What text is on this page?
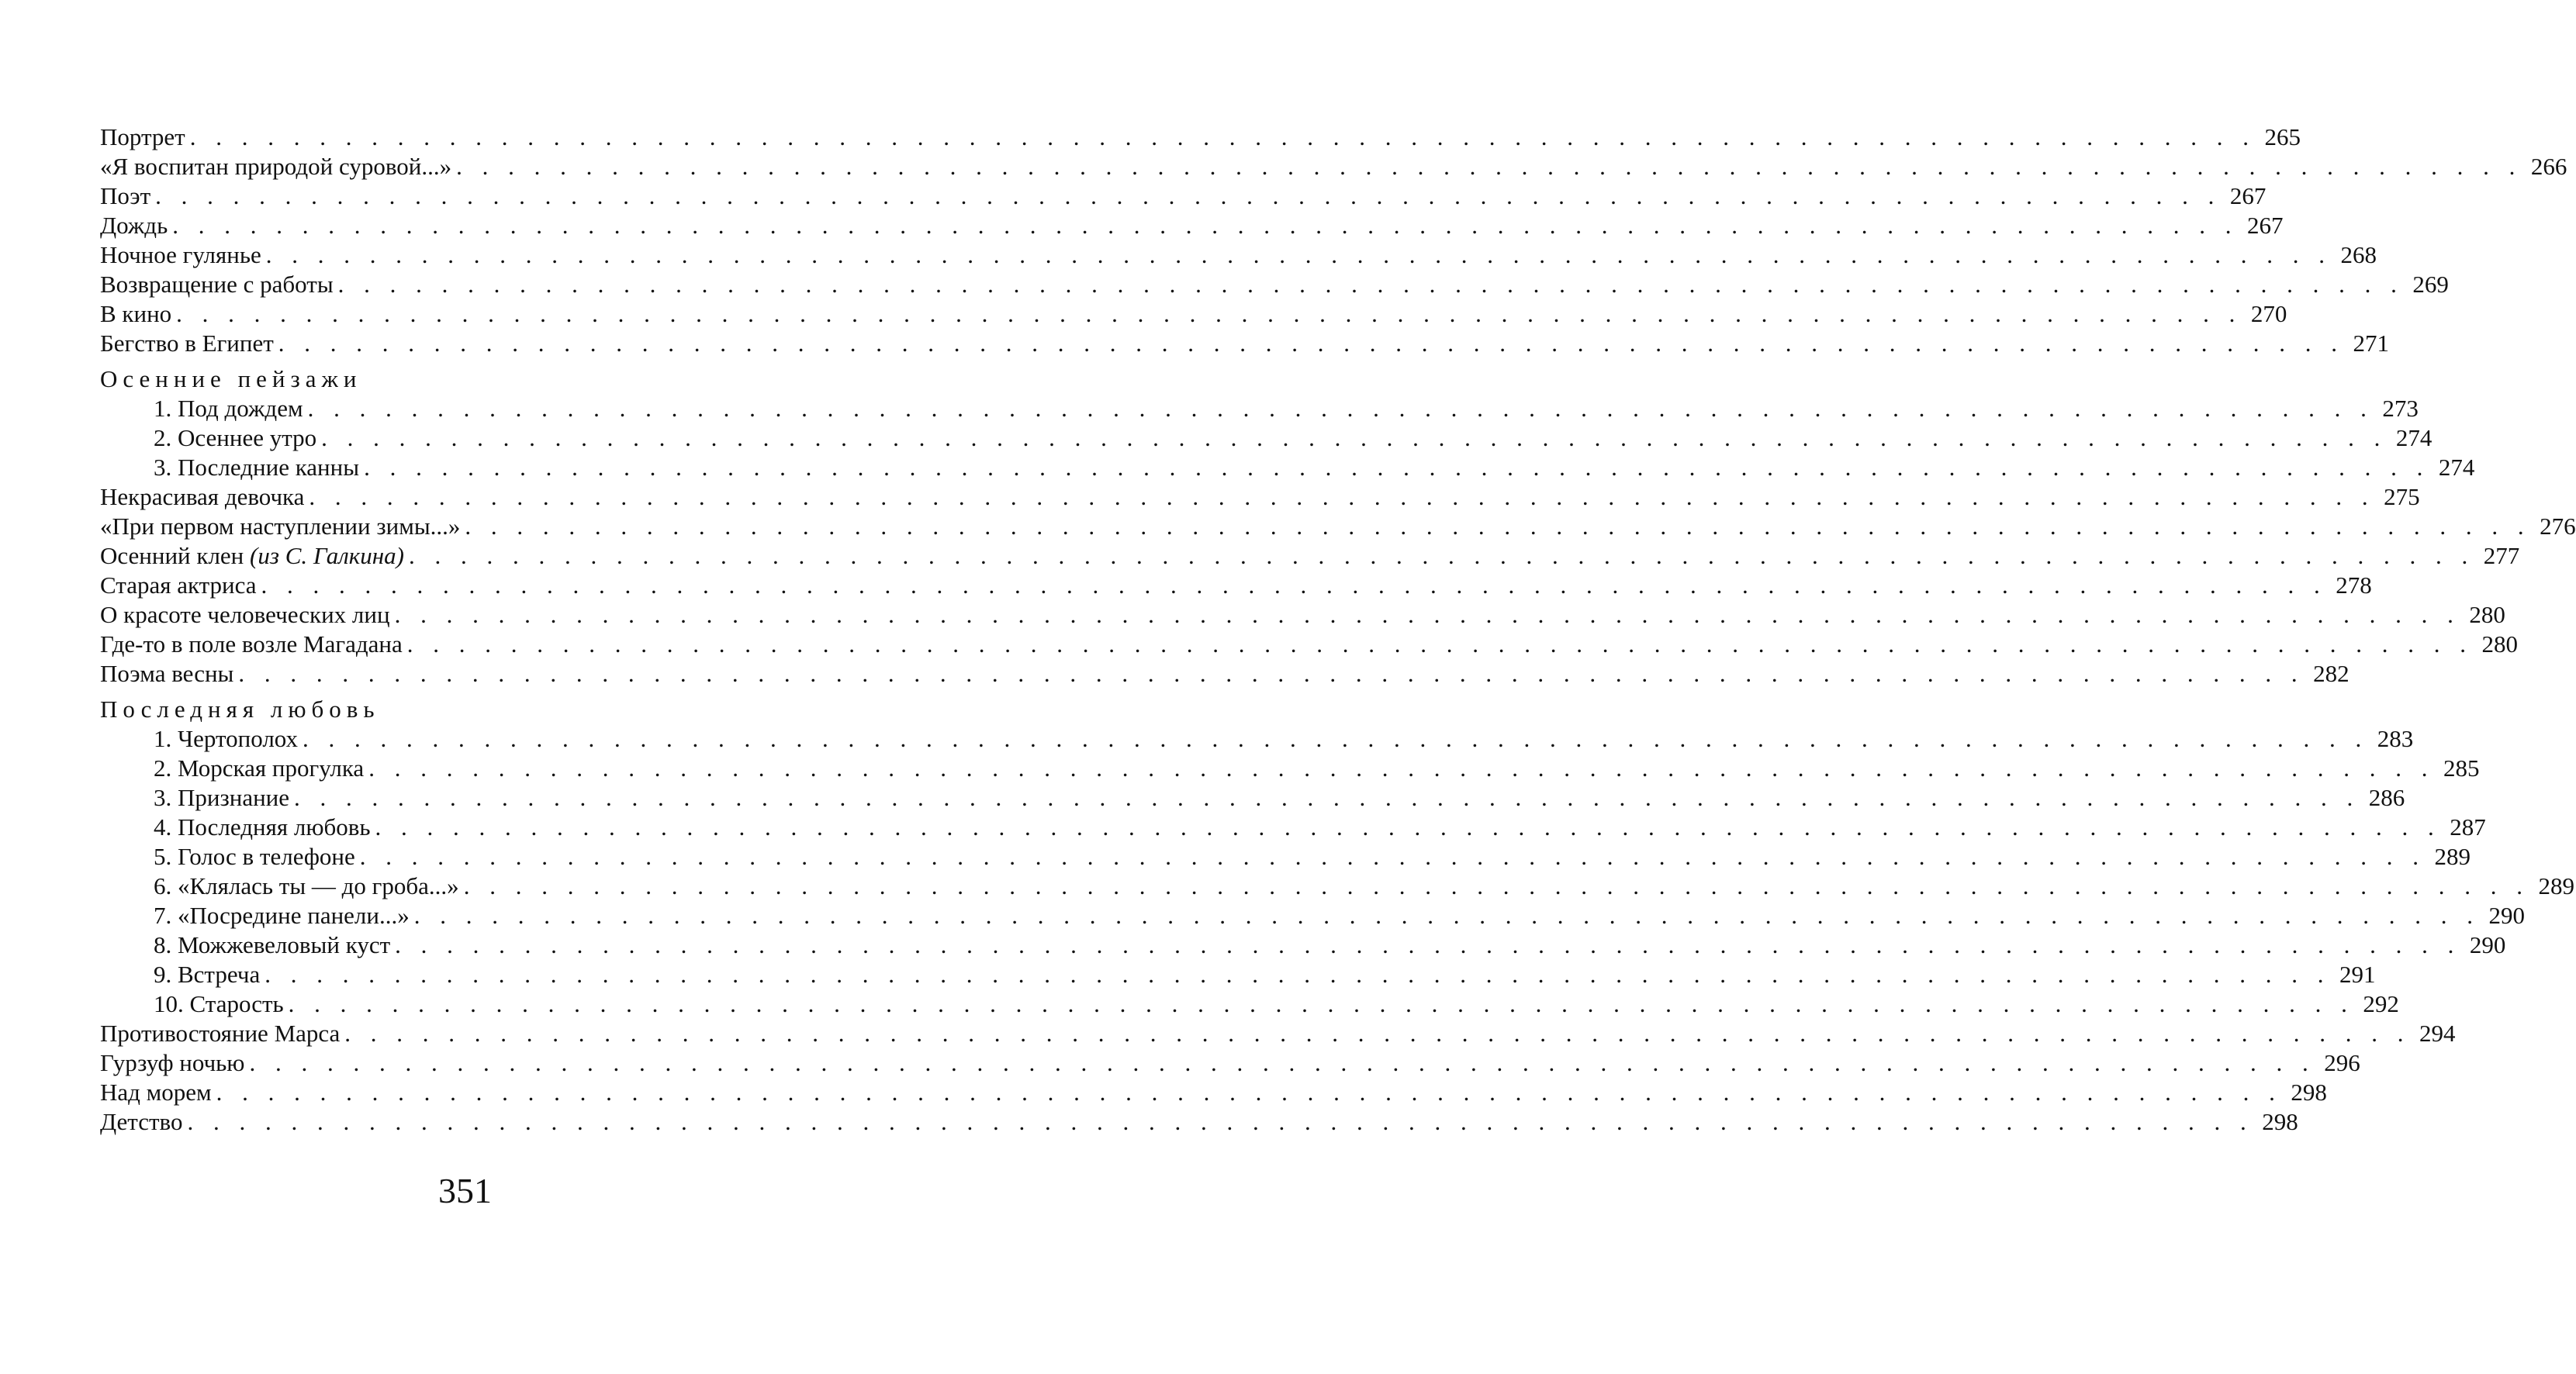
Портрет . . . . . . . . . . . . . . . . . . . . . . . . . . . . . . . . . . . . . . . . . . . . . . . . . . . . . . . . . . . . . . . . . . . . . . . . . . . . . . . . 265
«Я воспитан природой суровой...» . . . . . . . . . . . . . . . . . . . . . . . . . . . . . . . . . . . . . . . . . . . . . . . . . . . . . . . . . . . . . . . . . . . . . . . . . . . . . . . . 266
Поэт . . . . . . . . . . . . . . . . . . . . . . . . . . . . . . . . . . . . . . . . . . . . . . . . . . . . . . . . . . . . . . . . . . . . . . . . . . . . . . . . 267
Дождь . . . . . . . . . . . . . . . . . . . . . . . . . . . . . . . . . . . . . . . . . . . . . . . . . . . . . . . . . . . . . . . . . . . . . . . . . . . . . . . . 267
Ночное гулянье . . . . . . . . . . . . . . . . . . . . . . . . . . . . . . . . . . . . . . . . . . . . . . . . . . . . . . . . . . . . . . . . . . . . . . . . . . . . . . . . 268
Возвращение с работы . . . . . . . . . . . . . . . . . . . . . . . . . . . . . . . . . . . . . . . . . . . . . . . . . . . . . . . . . . . . . . . . . . . . . . . . . . . . . . . . 269
В кино . . . . . . . . . . . . . . . . . . . . . . . . . . . . . . . . . . . . . . . . . . . . . . . . . . . . . . . . . . . . . . . . . . . . . . . . . . . . . . . . 270
Бегство в Египет . . . . . . . . . . . . . . . . . . . . . . . . . . . . . . . . . . . . . . . . . . . . . . . . . . . . . . . . . . . . . . . . . . . . . . . . . . . . . . . . 271
Осенние пейзажи
1. Под дождем . . . . . . . . . . . . . . . . . . . . . . . . . . . . . . . . . . . . . . . . . . . . . . . . . . . . . . . . . . . . . . . . . . . . . . . . . . . . . . . . 273
2. Осеннее утро . . . . . . . . . . . . . . . . . . . . . . . . . . . . . . . . . . . . . . . . . . . . . . . . . . . . . . . . . . . . . . . . . . . . . . . . . . . . . . . . 274
3. Последние канны . . . . . . . . . . . . . . . . . . . . . . . . . . . . . . . . . . . . . . . . . . . . . . . . . . . . . . . . . . . . . . . . . . . . . . . . . . . . . . . . 274
Некрасивая девочка . . . . . . . . . . . . . . . . . . . . . . . . . . . . . . . . . . . . . . . . . . . . . . . . . . . . . . . . . . . . . . . . . . . . . . . . . . . . . . . . 275
«При первом наступлении зимы...» . . . . . . . . . . . . . . . . . . . . . . . . . . . . . . . . . . . . . . . . . . . . . . . . . . . . . . . . . . . . . . . . . . . . . . . . . . . . . . . . 276
Осенний клен (из С. Галкина) . . . . . . . . . . . . . . . . . . . . . . . . . . . . . . . . . . . . . . . . . . . . . . . . . . . . . . . . . . . . . . . . . . . . . . . . . . . . . . . . 277
Старая актриса . . . . . . . . . . . . . . . . . . . . . . . . . . . . . . . . . . . . . . . . . . . . . . . . . . . . . . . . . . . . . . . . . . . . . . . . . . . . . . . . 278
О красоте человеческих лиц . . . . . . . . . . . . . . . . . . . . . . . . . . . . . . . . . . . . . . . . . . . . . . . . . . . . . . . . . . . . . . . . . . . . . . . . . . . . . . . . 280
Где-то в поле возле Магадана . . . . . . . . . . . . . . . . . . . . . . . . . . . . . . . . . . . . . . . . . . . . . . . . . . . . . . . . . . . . . . . . . . . . . . . . . . . . . . . . 280
Поэма весны . . . . . . . . . . . . . . . . . . . . . . . . . . . . . . . . . . . . . . . . . . . . . . . . . . . . . . . . . . . . . . . . . . . . . . . . . . . . . . . . 282
Последняя любовь
1. Чертополох . . . . . . . . . . . . . . . . . . . . . . . . . . . . . . . . . . . . . . . . . . . . . . . . . . . . . . . . . . . . . . . . . . . . . . . . . . . . . . . . 283
2. Морская прогулка . . . . . . . . . . . . . . . . . . . . . . . . . . . . . . . . . . . . . . . . . . . . . . . . . . . . . . . . . . . . . . . . . . . . . . . . . . . . . . . . 285
3. Признание . . . . . . . . . . . . . . . . . . . . . . . . . . . . . . . . . . . . . . . . . . . . . . . . . . . . . . . . . . . . . . . . . . . . . . . . . . . . . . . . 286
4. Последняя любовь . . . . . . . . . . . . . . . . . . . . . . . . . . . . . . . . . . . . . . . . . . . . . . . . . . . . . . . . . . . . . . . . . . . . . . . . . . . . . . . . 287
5. Голос в телефоне . . . . . . . . . . . . . . . . . . . . . . . . . . . . . . . . . . . . . . . . . . . . . . . . . . . . . . . . . . . . . . . . . . . . . . . . . . . . . . . . 289
6. «Клялась ты — до гроба...» . . . . . . . . . . . . . . . . . . . . . . . . . . . . . . . . . . . . . . . . . . . . . . . . . . . . . . . . . . . . . . . . . . . . . . . . . . . . . . . . 289
7. «Посредине панели...» . . . . . . . . . . . . . . . . . . . . . . . . . . . . . . . . . . . . . . . . . . . . . . . . . . . . . . . . . . . . . . . . . . . . . . . . . . . . . . . . 290
8. Можжевеловый куст . . . . . . . . . . . . . . . . . . . . . . . . . . . . . . . . . . . . . . . . . . . . . . . . . . . . . . . . . . . . . . . . . . . . . . . . . . . . . . . . 290
9. Встреча . . . . . . . . . . . . . . . . . . . . . . . . . . . . . . . . . . . . . . . . . . . . . . . . . . . . . . . . . . . . . . . . . . . . . . . . . . . . . . . . 291
10. Старость . . . . . . . . . . . . . . . . . . . . . . . . . . . . . . . . . . . . . . . . . . . . . . . . . . . . . . . . . . . . . . . . . . . . . . . . . . . . . . . . 292
Противостояние Марса . . . . . . . . . . . . . . . . . . . . . . . . . . . . . . . . . . . . . . . . . . . . . . . . . . . . . . . . . . . . . . . . . . . . . . . . . . . . . . . . 294
Гурзуф ночью . . . . . . . . . . . . . . . . . . . . . . . . . . . . . . . . . . . . . . . . . . . . . . . . . . . . . . . . . . . . . . . . . . . . . . . . . . . . . . . . 296
Над морем . . . . . . . . . . . . . . . . . . . . . . . . . . . . . . . . . . . . . . . . . . . . . . . . . . . . . . . . . . . . . . . . . . . . . . . . . . . . . . . . 298
Детство . . . . . . . . . . . . . . . . . . . . . . . . . . . . . . . . . . . . . . . . . . . . . . . . . . . . . . . . . . . . . . . . . . . . . . . . . . . . . . . . 298
351
